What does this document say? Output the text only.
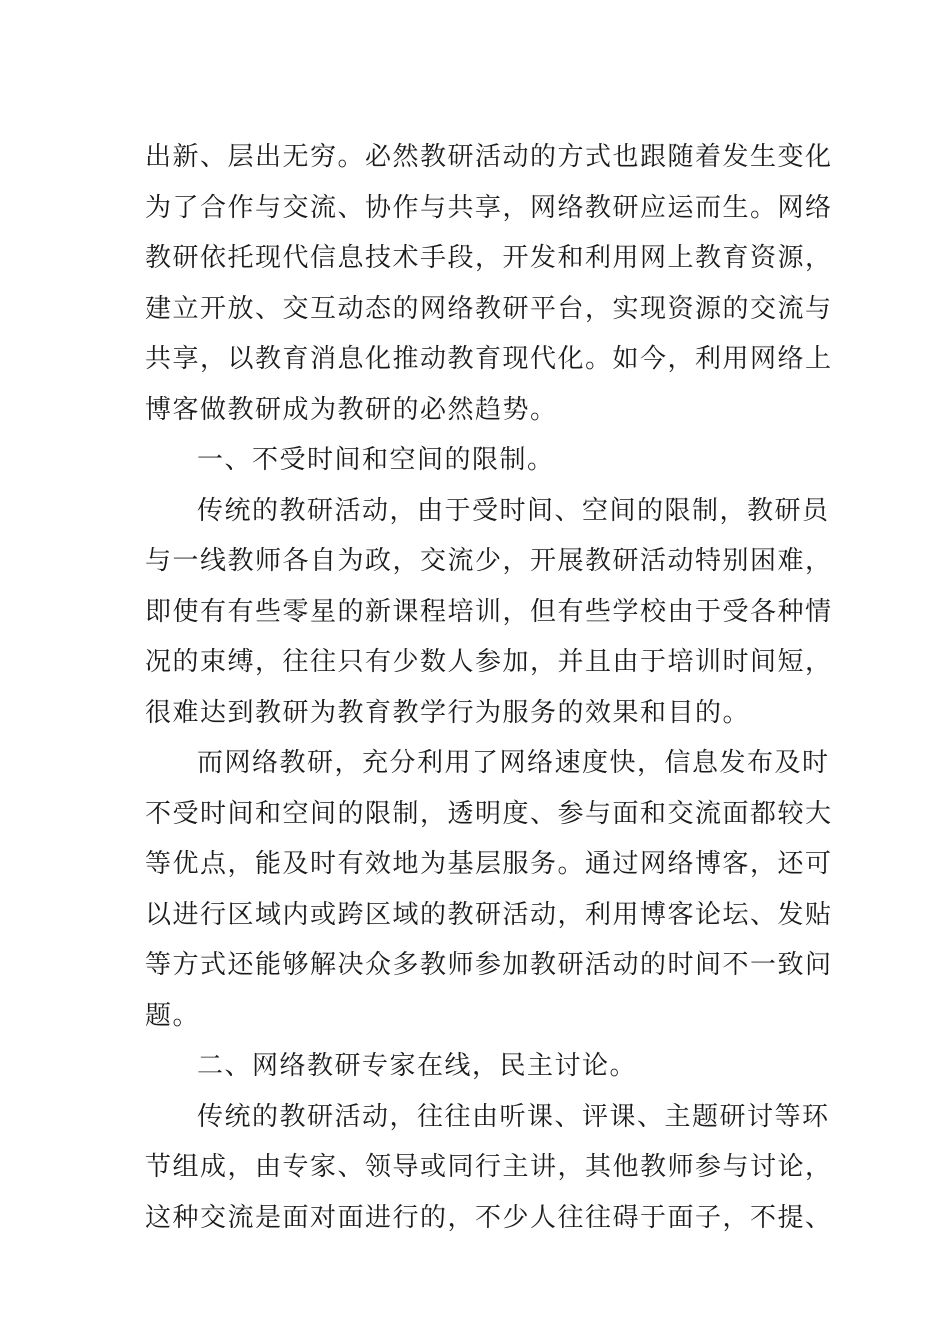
出新、层出无穷。必然教研活动的方式也跟随着发生变化
为了合作与交流、协作与共享，网络教研应运而生。网络
教研依托现代信息技术手段，开发和利用网上教育资源，
建立开放、交互动态的网络教研平台，实现资源的交流与
共享，以教育消息化推动教育现代化。如今，利用网络上
博客做教研成为教研的必然趋势。
一、不受时间和空间的限制。
传统的教研活动，由于受时间、空间的限制，教研员
与一线教师各自为政，交流少，开展教研活动特别困难，
即使有有些零星的新课程培训，但有些学校由于受各种情
况的束缚，往往只有少数人参加，并且由于培训时间短，
很难达到教研为教育教学行为服务的效果和目的。
而网络教研，充分利用了网络速度快，信息发布及时
不受时间和空间的限制，透明度、参与面和交流面都较大
等优点，能及时有效地为基层服务。通过网络博客，还可
以进行区域内或跨区域的教研活动，利用博客论坛、发贴
等方式还能够解决众多教师参加教研活动的时间不一致问
题。
二、网络教研专家在线，民主讨论。
传统的教研活动，往往由听课、评课、主题研讨等环
节组成，由专家、领导或同行主讲，其他教师参与讨论，
这种交流是面对面进行的，不少人往往碍于面子，不提、
